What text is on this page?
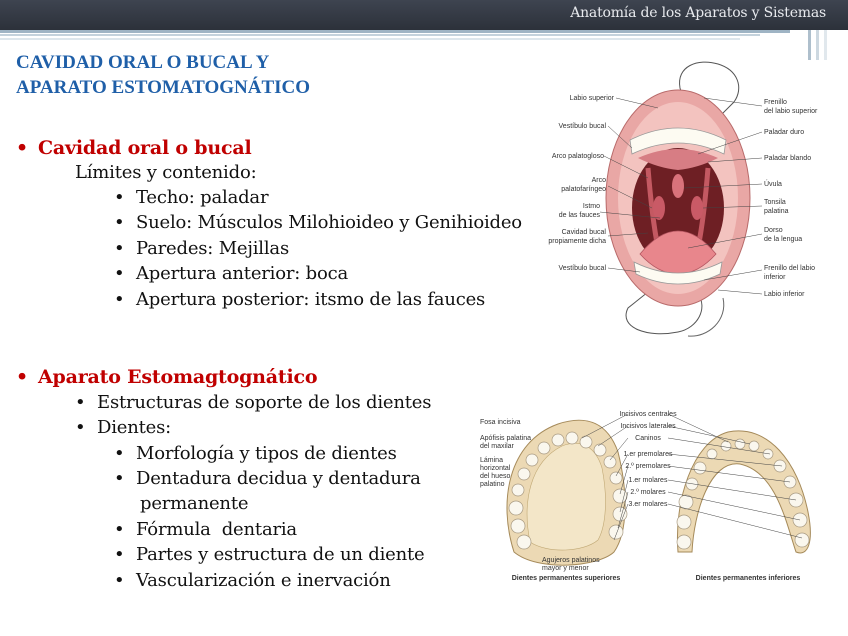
Anatomía de los Aparatos y Sistemas
CAVIDAD ORAL O BUCAL Y
APARATO ESTOMATOGNÁTICO
• Cavidad oral o bucal
Límites y contenido:
• Techo: paladar
• Suelo: Músculos Milohioideo y Genihioideo
• Paredes: Mejillas
• Apertura anterior: boca
• Apertura posterior: itsmo de las fauces
• Aparato Estomagtognático
• Estructuras de soporte de los dientes
• Dientes:
• Morfología y tipos de dientes
• Dentadura decidua y dentadura
permanente
• Fórmula  dentaria
• Partes y estructura de un diente
• Vascularización e inervación
Labio superior
Vestíbulo bucal
Arco palatogloso
Arco
palatofaríngeo
Istmo
de las fauces
Cavidad bucal
propiamente dicha
Vestíbulo bucal
Frenillo
del labio superior
Paladar duro
Paladar blando
Úvula
Tonsila
palatina
Dorso
de la lengua
Frenillo del labio
inferior
Labio inferior
Fosa incisiva
Apófisis palatina
del maxilar
Lámina
horizontal
del hueso
palatino
Agujeros palatinos
mayor y menor
Incisivos centrales
Incisivos laterales
Caninos
1.er premolares
2.º premolares
1.er molares
2.º molares
3.er molares
Dientes permanentes superiores	Dientes permanentes inferiores
